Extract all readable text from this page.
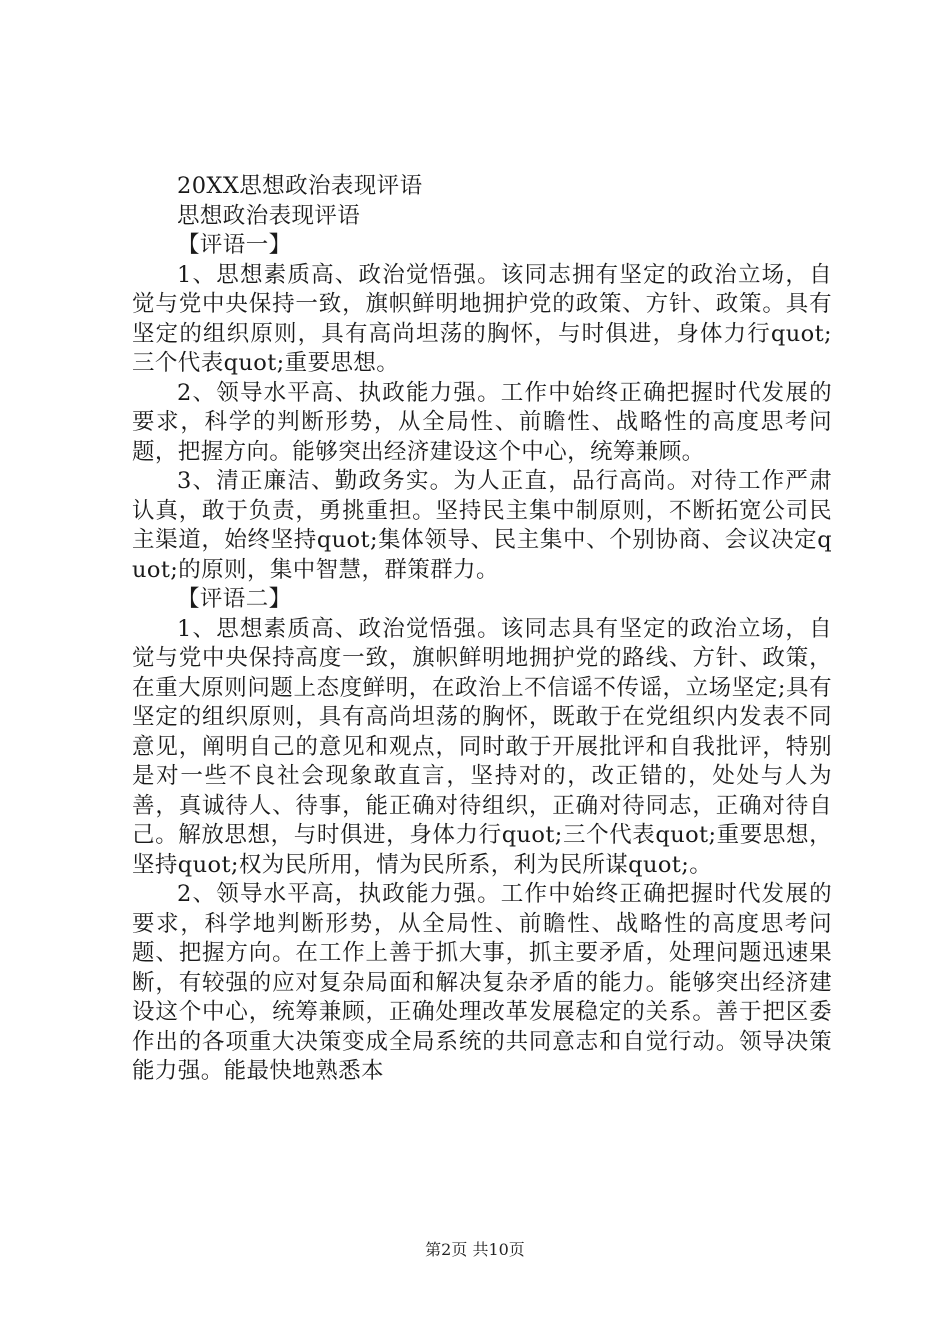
20XX思想政治表现评语

思想政治表现评语

【评语一】

1、思想素质高、政治觉悟强。该同志拥有坚定的政治立场，自觉与党中央保持一致，旗帜鲜明地拥护党的政策、方针、政策。具有坚定的组织原则，具有高尚坦荡的胸怀，与时俱进，身体力行quot;三个代表quot;重要思想。

2、领导水平高、执政能力强。工作中始终正确把握时代发展的要求，科学的判断形势，从全局性、前瞻性、战略性的高度思考问题，把握方向。能够突出经济建设这个中心，统筹兼顾。

3、清正廉洁、勤政务实。为人正直，品行高尚。对待工作严肃认真，敢于负责，勇挑重担。坚持民主集中制原则，不断拓宽公司民主渠道，始终坚持quot;集体领导、民主集中、个别协商、会议决定quot;的原则，集中智慧，群策群力。

【评语二】

1、思想素质高、政治觉悟强。该同志具有坚定的政治立场，自觉与党中央保持高度一致，旗帜鲜明地拥护党的路线、方针、政策，在重大原则问题上态度鲜明，在政治上不信谣不传谣，立场坚定;具有坚定的组织原则，具有高尚坦荡的胸怀，既敢于在党组织内发表不同意见，阐明自己的意见和观点，同时敢于开展批评和自我批评，特别是对一些不良社会现象敢直言，坚持对的，改正错的，处处与人为善，真诚待人、待事，能正确对待组织，正确对待同志，正确对待自己。解放思想，与时俱进，身体力行quot;三个代表quot;重要思想，坚持quot;权为民所用，情为民所系，利为民所谋quot;。

2、领导水平高，执政能力强。工作中始终正确把握时代发展的要求，科学地判断形势，从全局性、前瞻性、战略性的高度思考问题、把握方向。在工作上善于抓大事，抓主要矛盾，处理问题迅速果断，有较强的应对复杂局面和解决复杂矛盾的能力。能够突出经济建设这个中心，统筹兼顾，正确处理改革发展稳定的关系。善于把区委作出的各项重大决策变成全局系统的共同意志和自觉行动。领导决策能力强。能最快地熟悉本

第2页 共10页
